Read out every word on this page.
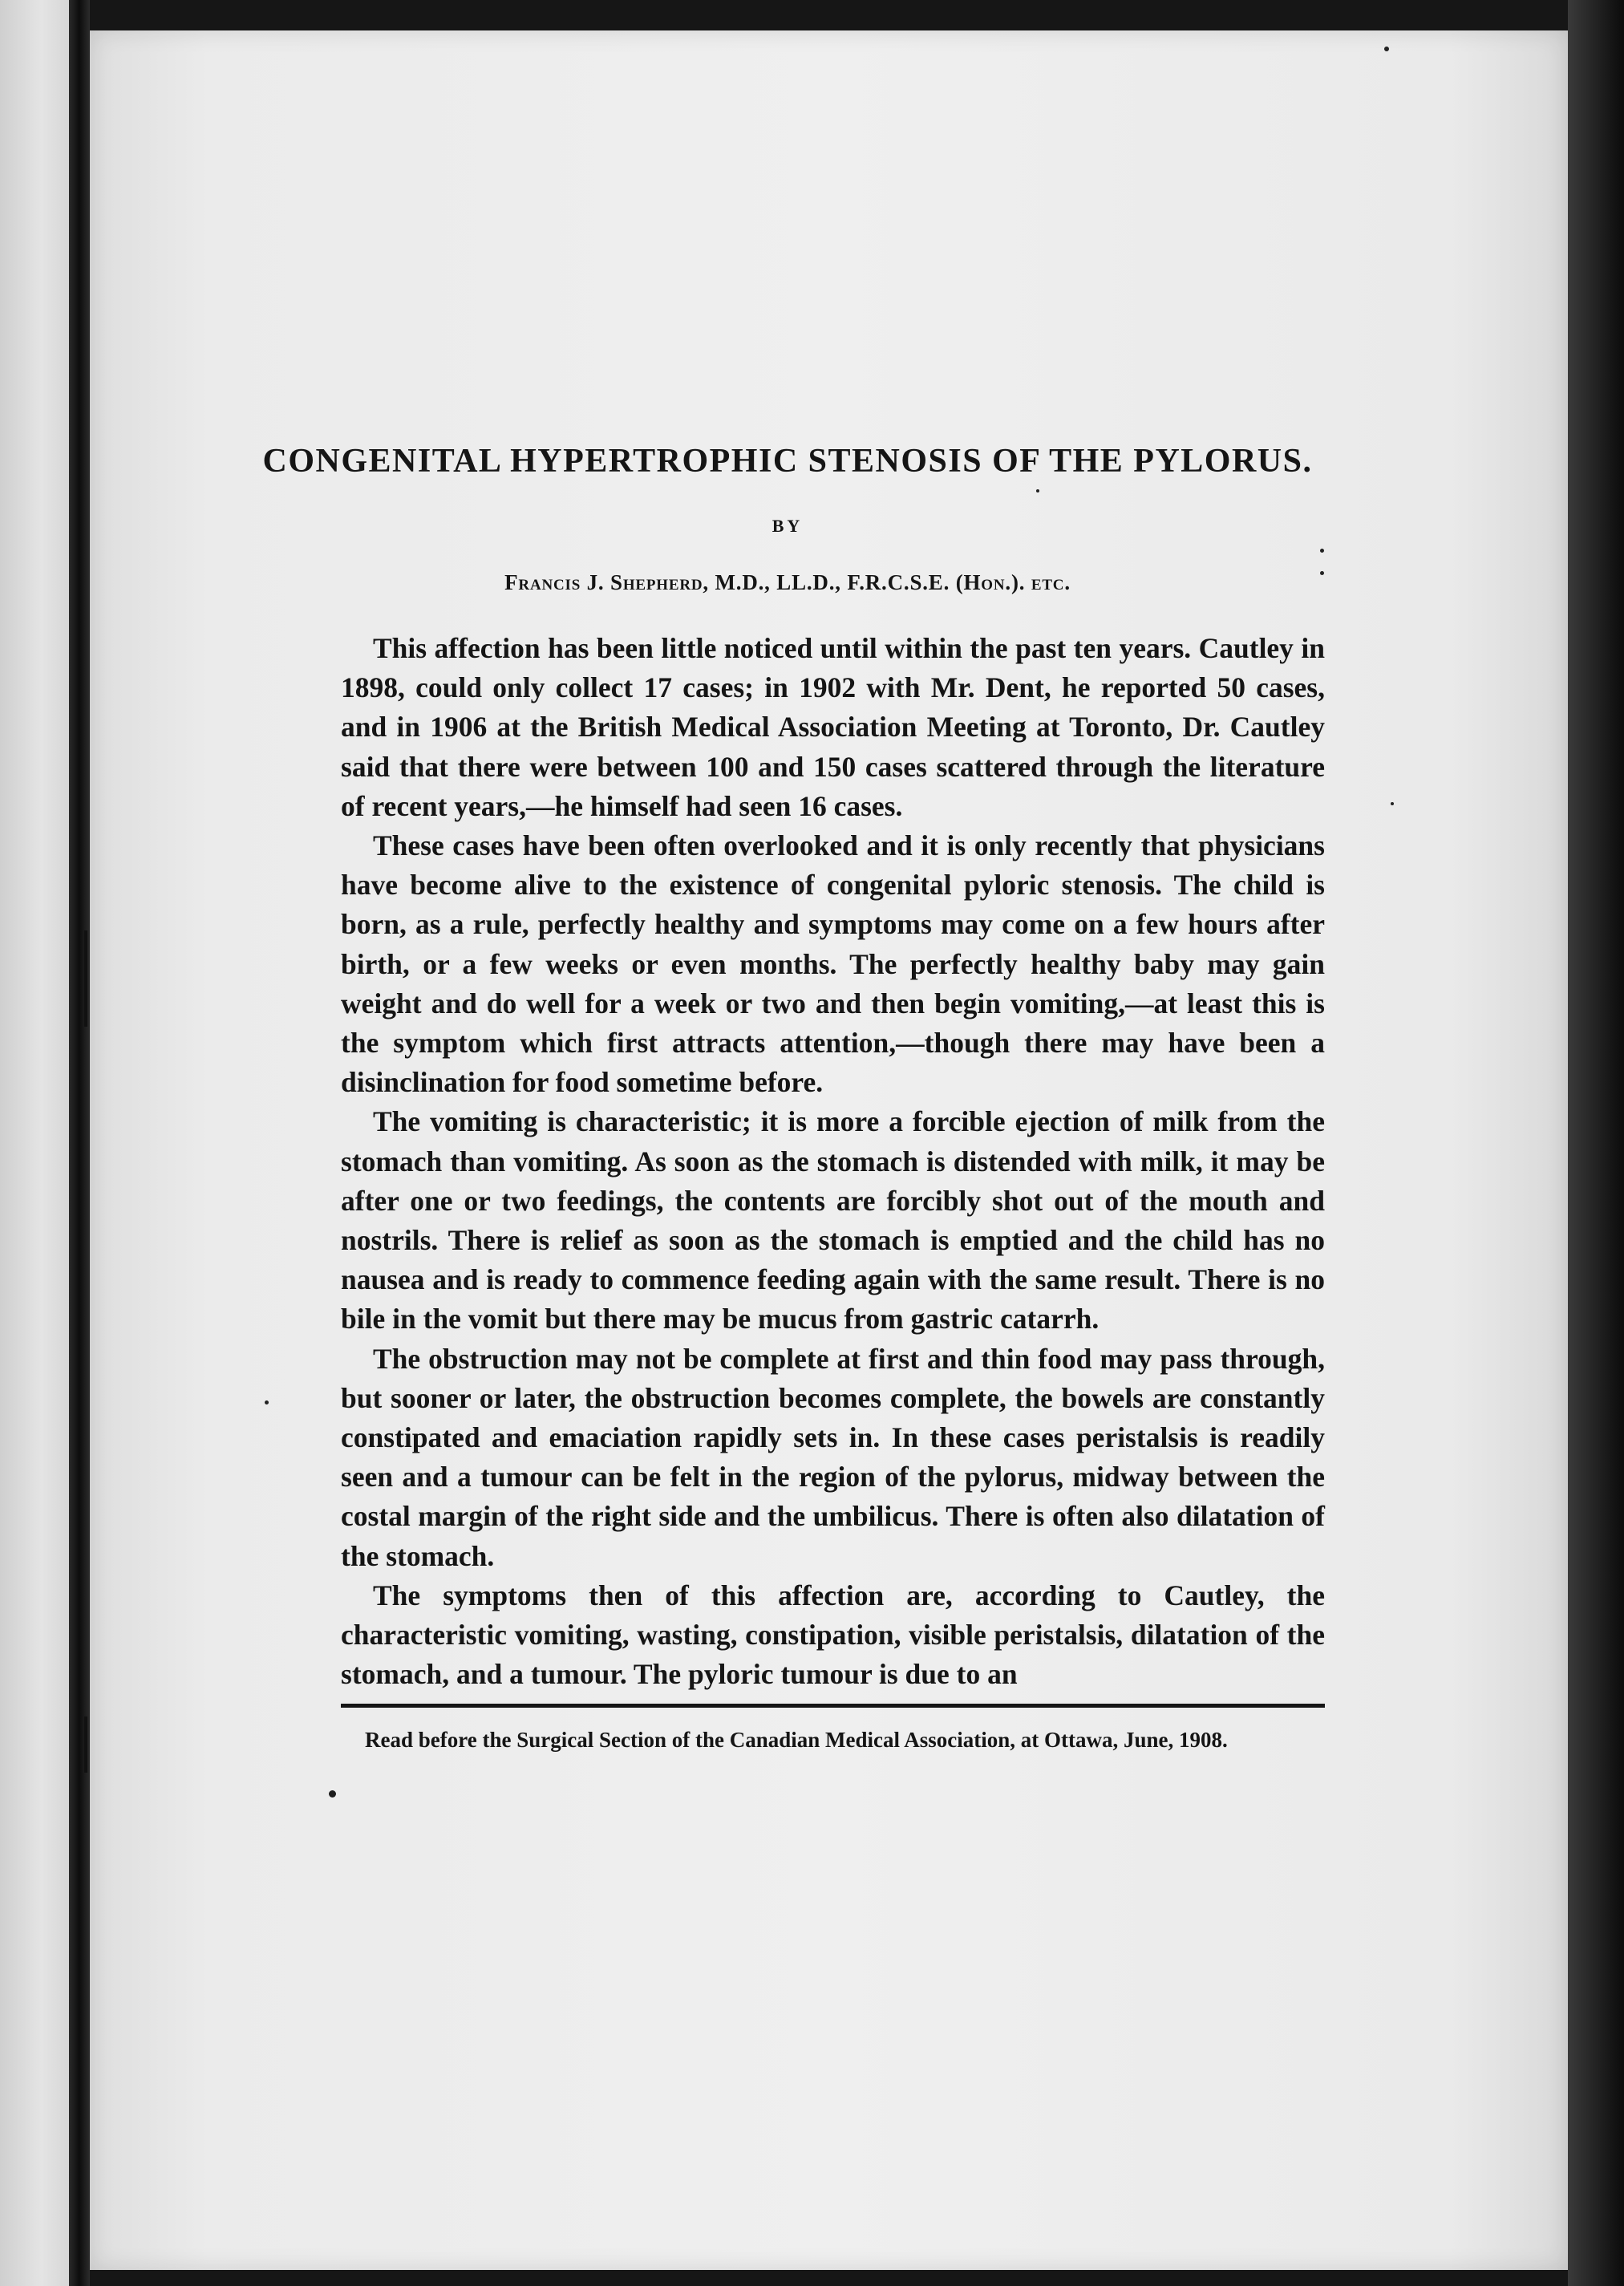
CONGENITAL HYPERTROPHIC STENOSIS OF THE PYLORUS.
BY
Francis J. Shepherd, M.D., LL.D., F.R.C.S.E. (Hon.). etc.

This affection has been little noticed until within the past ten years. Cautley in 1898, could only collect 17 cases; in 1902 with Mr. Dent, he reported 50 cases, and in 1906 at the British Medical Association Meeting at Toronto, Dr. Cautley said that there were between 100 and 150 cases scattered through the literature of recent years,—he himself had seen 16 cases.

These cases have been often overlooked and it is only recently that physicians have become alive to the existence of congenital pyloric stenosis. The child is born, as a rule, perfectly healthy and symptoms may come on a few hours after birth, or a few weeks or even months. The perfectly healthy baby may gain weight and do well for a week or two and then begin vomiting,—at least this is the symptom which first attracts attention,—though there may have been a disinclination for food sometime before.

The vomiting is characteristic; it is more a forcible ejection of milk from the stomach than vomiting. As soon as the stomach is distended with milk, it may be after one or two feedings, the contents are forcibly shot out of the mouth and nostrils. There is relief as soon as the stomach is emptied and the child has no nausea and is ready to commence feeding again with the same result. There is no bile in the vomit but there may be mucus from gastric catarrh.

The obstruction may not be complete at first and thin food may pass through, but sooner or later, the obstruction becomes complete, the bowels are constantly constipated and emaciation rapidly sets in. In these cases peristalsis is readily seen and a tumour can be felt in the region of the pylorus, midway between the costal margin of the right side and the umbilicus. There is often also dilatation of the stomach.

The symptoms then of this affection are, according to Cautley, the characteristic vomiting, wasting, constipation, visible peristalsis, dilatation of the stomach, and a tumour. The pyloric tumour is due to an

Read before the Surgical Section of the Canadian Medical Association, at Ottawa, June, 1908.
